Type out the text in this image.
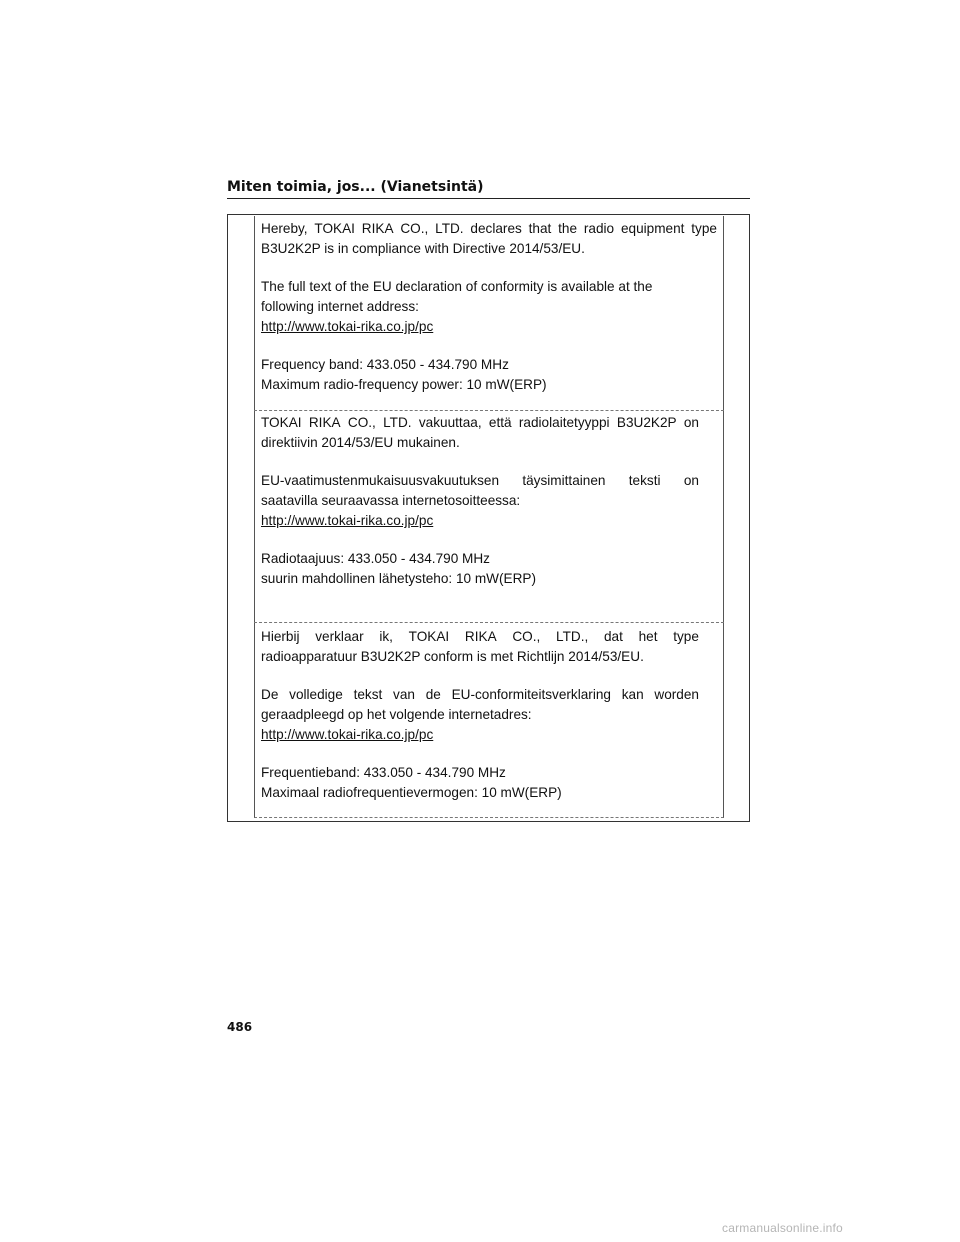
Miten toimia, jos... (Vianetsintä)

Hereby, TOKAI RIKA CO., LTD. declares that the radio equipment type
B3U2K2P is in compliance with Directive 2014/53/EU.

The full text of the EU declaration of conformity is available at the
following internet address:
http://www.tokai-rika.co.jp/pc

Frequency band: 433.050 - 434.790 MHz
Maximum radio-frequency power: 10 mW(ERP)

TOKAI RIKA CO., LTD. vakuuttaa, että radiolaitetyyppi B3U2K2P on
direktiivin 2014/53/EU mukainen.

EU-vaatimustenmukaisuusvakuutuksen täysimittainen teksti on
saatavilla seuraavassa internetosoitteessa:
http://www.tokai-rika.co.jp/pc

Radiotaajuus: 433.050 - 434.790 MHz
suurin mahdollinen lähetysteho: 10 mW(ERP)

Hierbij verklaar ik, TOKAI RIKA CO., LTD., dat het type
radioapparatuur B3U2K2P conform is met Richtlijn 2014/53/EU.

De volledige tekst van de EU-conformiteitsverklaring kan worden
geraadpleegd op het volgende internetadres:
http://www.tokai-rika.co.jp/pc

Frequentieband: 433.050 - 434.790 MHz
Maximaal radiofrequentievermogen: 10 mW(ERP)

486
carmanualsonline.info
